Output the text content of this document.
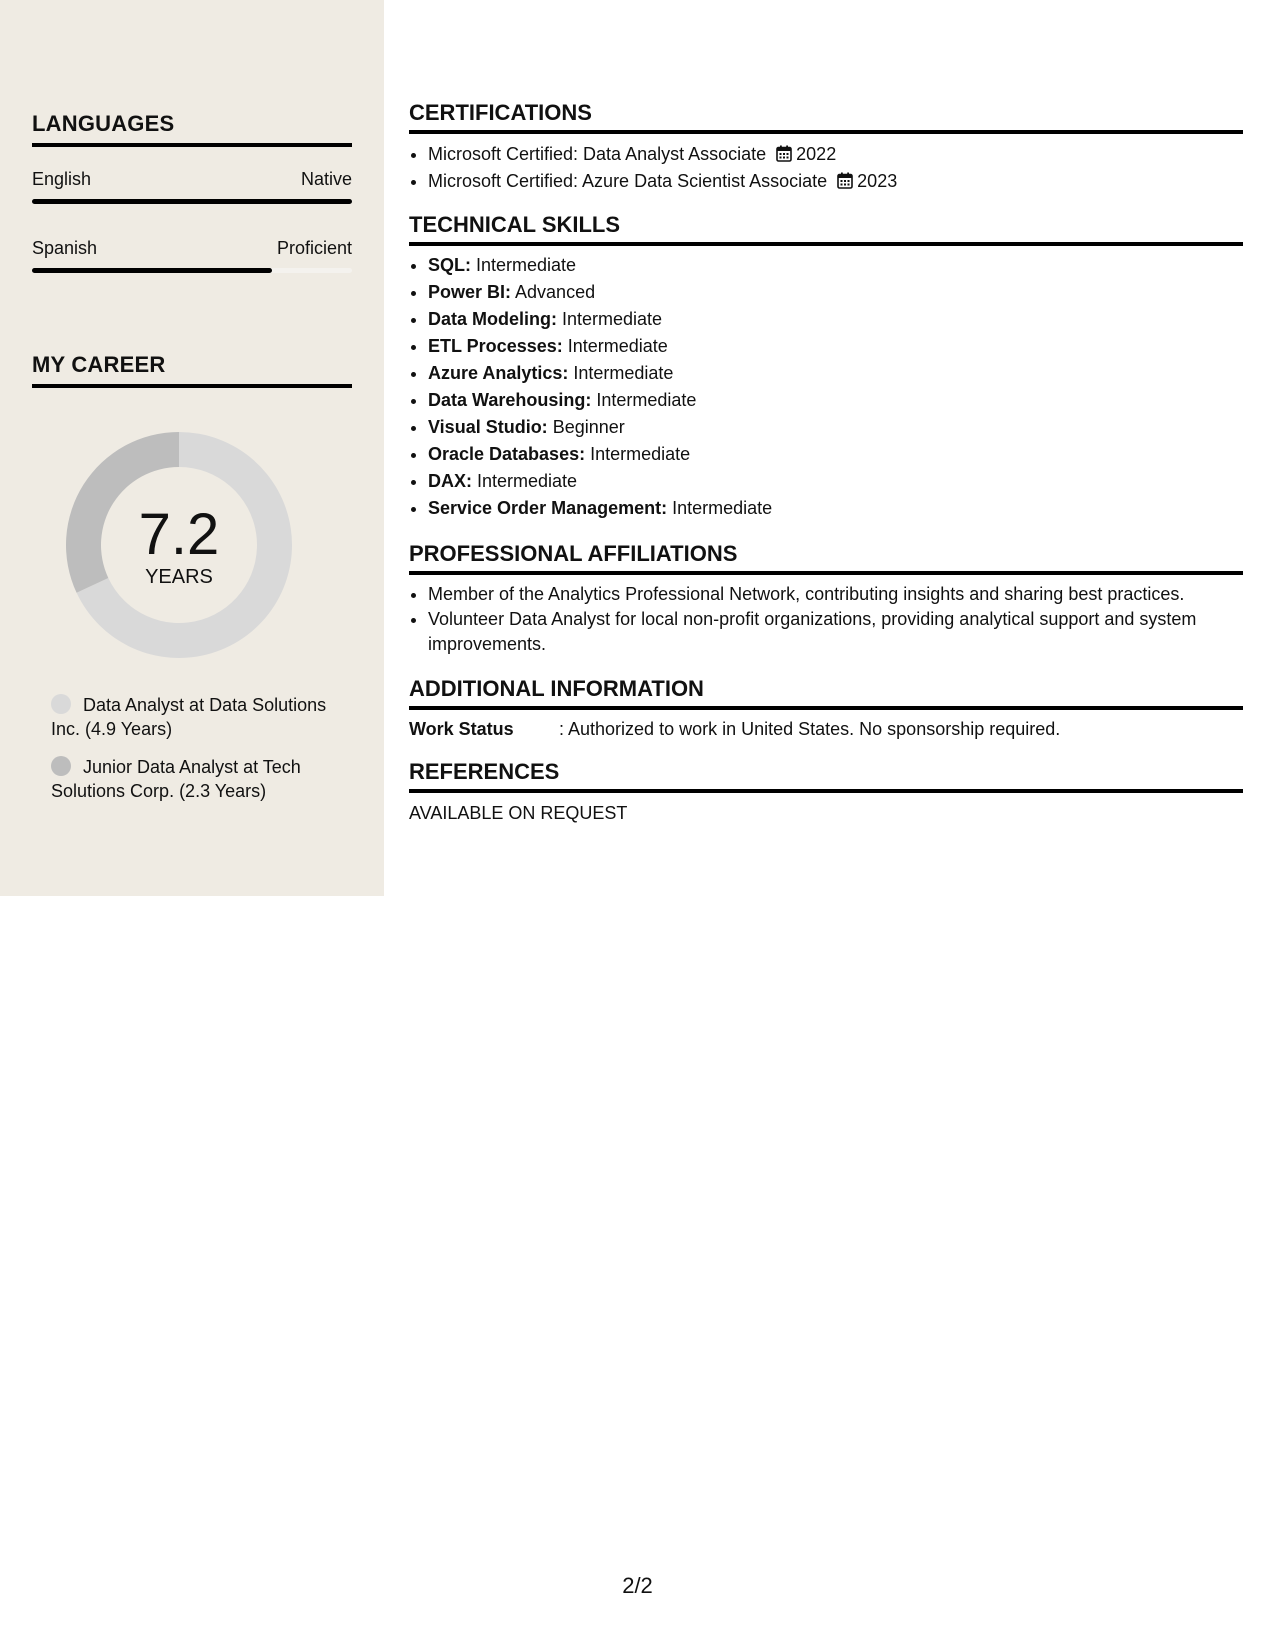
LANGUAGES
English	Native
Spanish	Proficient
MY CAREER
7.2
YEARS
Data Analyst at Data Solutions Inc. (4.9 Years)
Junior Data Analyst at Tech Solutions Corp. (2.3 Years)
CERTIFICATIONS
• Microsoft Certified: Data Analyst Associate 2022
• Microsoft Certified: Azure Data Scientist Associate 2023
TECHNICAL SKILLS
• SQL: Intermediate
• Power BI: Advanced
• Data Modeling: Intermediate
• ETL Processes: Intermediate
• Azure Analytics: Intermediate
• Data Warehousing: Intermediate
• Visual Studio: Beginner
• Oracle Databases: Intermediate
• DAX: Intermediate
• Service Order Management: Intermediate
PROFESSIONAL AFFILIATIONS
• Member of the Analytics Professional Network, contributing insights and sharing best practices.
• Volunteer Data Analyst for local non-profit organizations, providing analytical support and system improvements.
ADDITIONAL INFORMATION
Work Status	: Authorized to work in United States. No sponsorship required.
REFERENCES
AVAILABLE ON REQUEST
2/2
